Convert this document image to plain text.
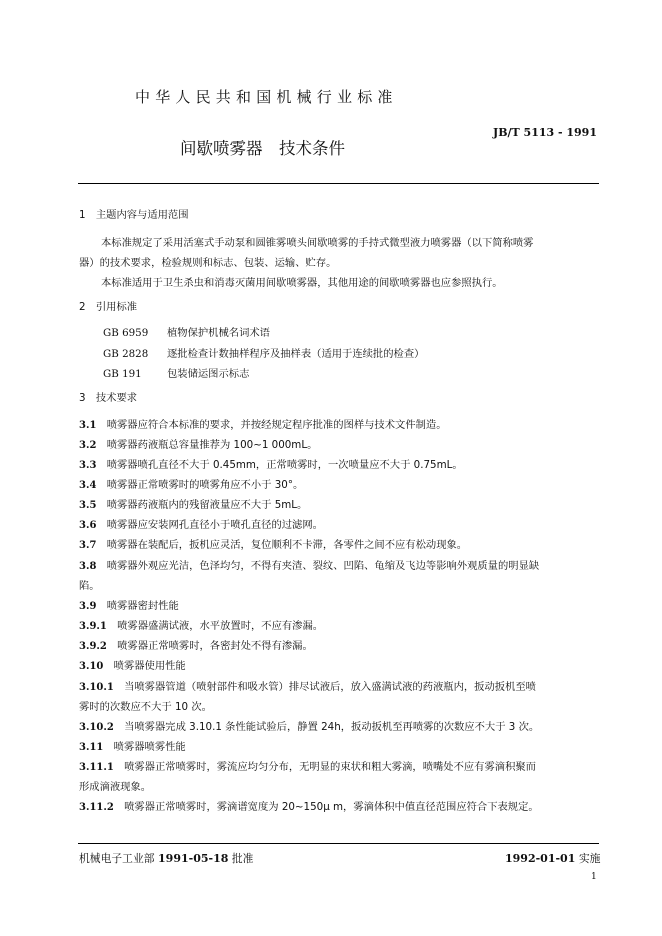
中华人民共和国机械行业标准
间歇喷雾器　技术条件
JB/T 5113 - 1991
1　主题内容与适用范围
本标准规定了采用活塞式手动泵和圆锥雾喷头间歇喷雾的手持式微型液力喷雾器（以下简称喷雾
器）的技术要求，检验规则和标志、包装、运输、贮存。
本标准适用于卫生杀虫和消毒灭菌用间歇喷雾器，其他用途的间歇喷雾器也应参照执行。
2　引用标准
GB 6959 植物保护机械名词术语
GB 2828 逐批检查计数抽样程序及抽样表（适用于连续批的检查）
GB 191 包装储运图示标志
3　技术要求
3.1　喷雾器应符合本标准的要求，并按经规定程序批准的图样与技术文件制造。
3.2　喷雾器药液瓶总容量推荐为 100~1 000mL。
3.3　喷雾器喷孔直径不大于 0.45mm，正常喷雾时，一次喷量应不大于 0.75mL。
3.4　喷雾器正常喷雾时的喷雾角应不小于 30°。
3.5　喷雾器药液瓶内的残留液量应不大于 5mL。
3.6　喷雾器应安装网孔直径小于喷孔直径的过滤网。
3.7　喷雾器在装配后，扳机应灵活，复位顺利不卡滞，各零件之间不应有松动现象。
3.8　喷雾器外观应光洁，色泽均匀，不得有夹渣、裂纹、凹陷、龟缩及飞边等影响外观质量的明显缺
陷。
3.9　喷雾器密封性能
3.9.1　喷雾器盛满试液，水平放置时，不应有渗漏。
3.9.2　喷雾器正常喷雾时，各密封处不得有渗漏。
3.10　喷雾器使用性能
3.10.1　当喷雾器管道（喷射部件和吸水管）排尽试液后，放入盛满试液的药液瓶内，扳动扳机至喷
雾时的次数应不大于 10 次。
3.10.2　当喷雾器完成 3.10.1 条性能试验后，静置 24h，扳动扳机至再喷雾的次数应不大于 3 次。
3.11　喷雾器喷雾性能
3.11.1　喷雾器正常喷雾时，雾流应均匀分布，无明显的束状和粗大雾滴，喷嘴处不应有雾滴积聚而
形成滴液现象。
3.11.2　喷雾器正常喷雾时，雾滴谱宽度为 20~150μ m，雾滴体积中值直径范围应符合下表规定。
机械电子工业部 1991-05-18 批准	1992-01-01 实施
1
